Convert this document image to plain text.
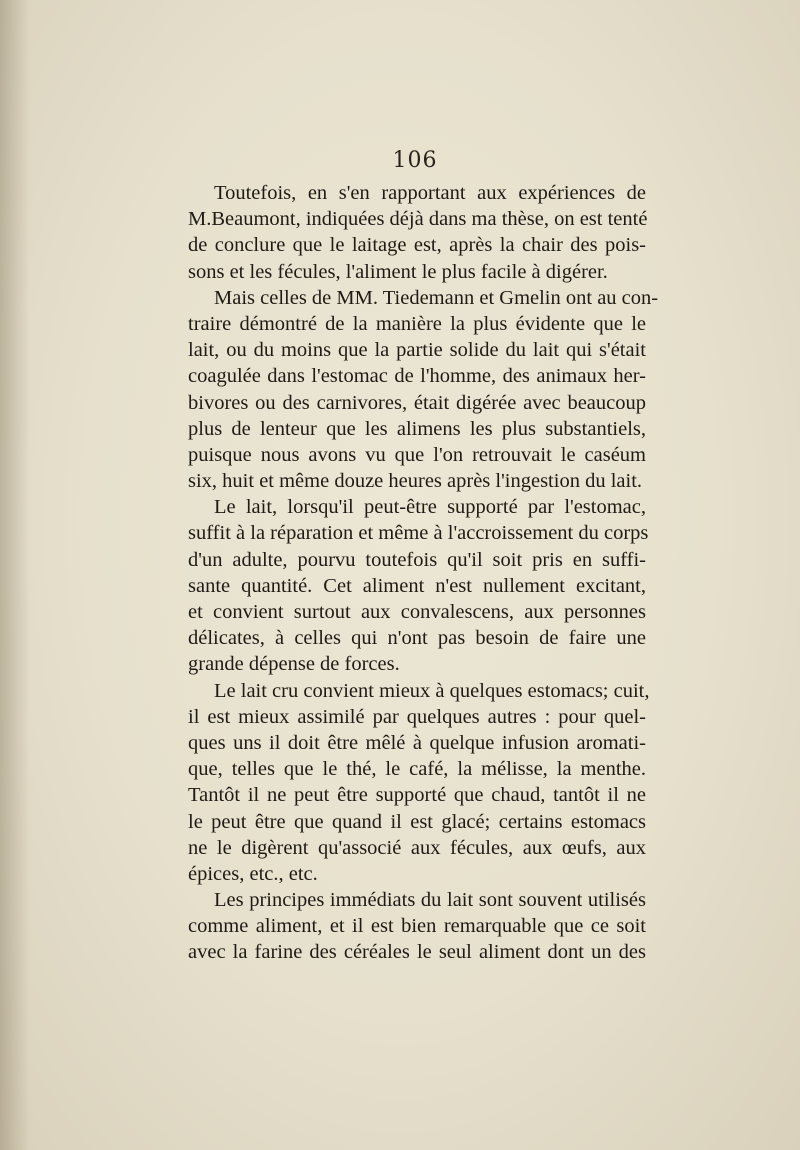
106
Toutefois, en s'en rapportant aux expériences de
M.Beaumont, indiquées déjà dans ma thèse, on est tenté
de conclure que le laitage est, après la chair des pois-
sons et les fécules, l'aliment le plus facile à digérer.
Mais celles de MM. Tiedemann et Gmelin ont au con-
traire démontré de la manière la plus évidente que le
lait, ou du moins que la partie solide du lait qui s'était
coagulée dans l'estomac de l'homme, des animaux her-
bivores ou des carnivores, était digérée avec beaucoup
plus de lenteur que les alimens les plus substantiels,
puisque nous avons vu que l'on retrouvait le caséum
six, huit et même douze heures après l'ingestion du lait.
Le lait, lorsqu'il peut-être supporté par l'estomac,
suffit à la réparation et même à l'accroissement du corps
d'un adulte, pourvu toutefois qu'il soit pris en suffi-
sante quantité. Cet aliment n'est nullement excitant,
et convient surtout aux convalescens, aux personnes
délicates, à celles qui n'ont pas besoin de faire une
grande dépense de forces.
Le lait cru convient mieux à quelques estomacs; cuit,
il est mieux assimilé par quelques autres : pour quel-
ques uns il doit être mêlé à quelque infusion aromati-
que, telles que le thé, le café, la mélisse, la menthe.
Tantôt il ne peut être supporté que chaud, tantôt il ne
le peut être que quand il est glacé; certains estomacs
ne le digèrent qu'associé aux fécules, aux œufs, aux
épices, etc., etc.
Les principes immédiats du lait sont souvent utilisés
comme aliment, et il est bien remarquable que ce soit
avec la farine des céréales le seul aliment dont un des
